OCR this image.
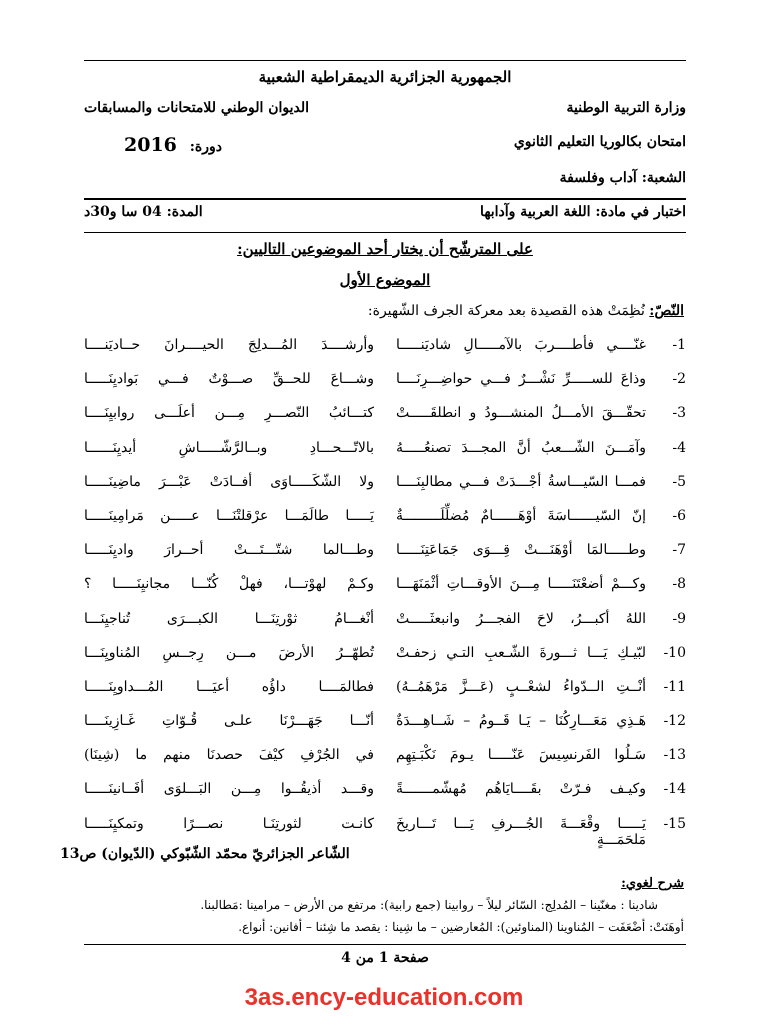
الجمهورية الجزائرية الديمقراطية الشعبية
وزارة التربية الوطنية
الديوان الوطني للامتحانات والمسابقات
امتحان بكالوريا التعليم الثانوي
دورة: 2016
الشعبة: آداب وفلسفة
اختبار في مادة: اللغة العربية وآدابها
المدة: 04 سا و30د
على المترشّح أن يختار أحد الموضوعين التاليين:
الموضوع الأول
النّصّ: نُظِمَتْ هذه القصيدة بعد معركة الجرف الشّهيرة:
-1
غنّــــي فأطــــربَ بالآمـــــالِ شاديَنـــــا
وأرشــــدَ المُـــدلِجَ الحيــــرانَ حــاديَنــــا
-2
وذاعَ للســـــرِّ نَشْـــرٌ فـــي حواضِـــرِنَــــا
وشـــاعَ للحــقِّ صـــوْتٌ فـــي بَواديِنَـــــا
-3
تحقّـــقَ الأمـــلُ المنشـــودُ و انطلقَـــــتْ
كتـــائبُ النّصـــرِ مِـــن أعلَـــى روابيِنَــــا
-4
وآمَـــنَ الشّـــعبُ أنَّ المجـــدَ تصنعُـــــهُ
بالاتّـــحـــادِ وبــالرَّشّـــــاشِ أيديِنَــــــا
-5
فمـــا السّيـــاسةُ أجْـــدَتْ فـــي مطالبِنَــــا
ولا الشّكَـــــاوَى أفــادَتْ عَبْـــرَ ماضِينَـــــا
-6
إنّ السّيــــــاسَةَ أوْهَــــــامٌ مُضلِّلَـــــــــةٌ
يَـــــا طالَمَـــا عرْقلتْنَـــا عـــــن مَرامِينَـــــا
-7
وطـــــالمَا أوْهَنَـــتْ قِـــوَى جَمَاعَتِنَـــــا
وطـــالما شتّـــتَـــتْ أحــرارَ واديِنَـــــا
-8
وكـــمْ أضعْتَنَـــــا مِـــنَ الأوقـــاتِ أثْمَنَهَـــا
وكـمْ لهوْتـــا، فهلْ كُنّـــا مجانيِنَـــــا ؟
-9
اللهُ أكبـــرُ، لاحَ الفجـــرُ وانبعثَـــــتْ
أنْغـــامُ ثوْرتِنَـــا الكبـــرَى تُناجيِنَـــا
-10
لبّيـكِ يَـــا ثـــورةَ الشّـعبِ التـي زحفـتْ
تُطهّــرُ الأرضَ مـــن رِجــسِ المُناويِنَـــا
-11
أنْــتِ الــدّواءُ لشعْــبٍ (عَـــزَّ مَرْهَمُــهُ)
فطالمَــــا داؤُه أعيَـــا المُـــداويِنَـــــا
-12
هَـذِي مَعَـــارِكُنَا – يَـا قَــومُ – شَــاهِـــدَةٌ
أنّـــا جَهَـــرْنَا علـى قُـوّاتِ غَـازِينَــــا
-13
سَـلُوا الفَرنسِيسَ عَنّـــــا يـومَ نَكْبَـتِهِم
في الجُرْفِ كيْفَ حصدنَا منهم ما (شِينَا)
-14
وكيـف فـرّتْ بقَــــايَاهُم مُهشّمـــــــةً
وقـــد أذيقُــوا مِـــن البَـــلوَى أفَــانينَـــــا
-15
يَـــــا وقْعَـــةَ الجُـــرفِ يَـــا تَـــاريخَ مَلحَمَـــةٍ
كانـت لثورتِنَـا نصـــرًا وتمكيِنَـــــا
الشّاعر الجزائريّ محمّد الشّبّوكي (الدّيوان) ص13
شرح لغوي:
شادينا : مغنّينا – المُدلِج: السّائر ليلاً – روابينا (جمع رابية): مرتفع من الأرض – مرامينا :مَطالبنا.
أوهَنَتْ: أضْعَفَت – المُناوينا (المناوئين): المُعارضين – ما شِينا : يقصد ما شِئنا – أفانين: أنواع.
صفحة 1 من 4
3as.ency-education.com
